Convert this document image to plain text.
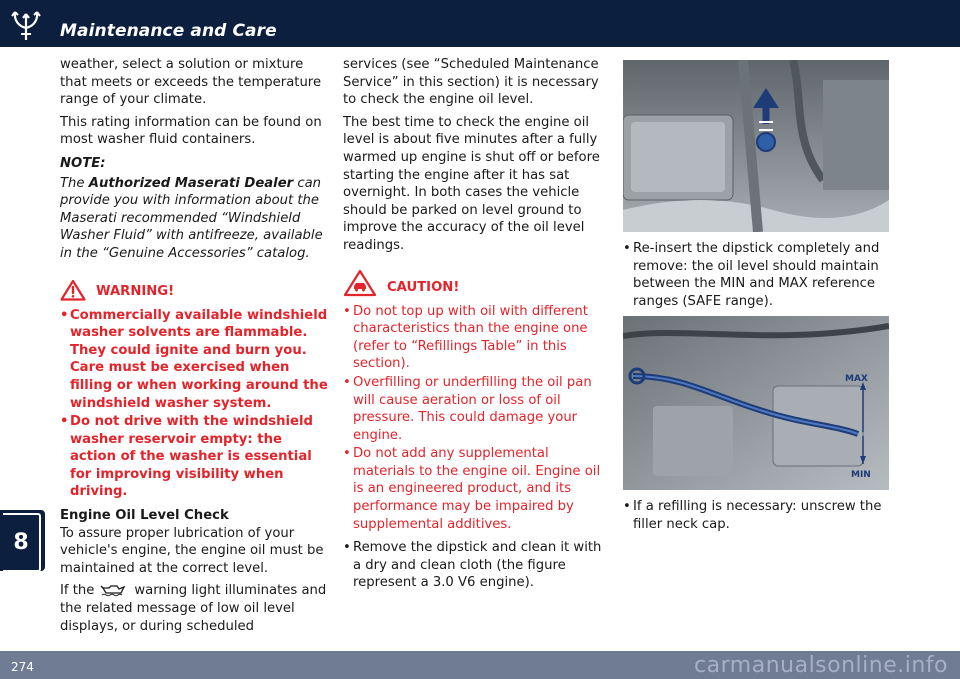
Maintenance and Care
8

weather, select a solution or mixture that meets or exceeds the temperature range of your climate.

This rating information can be found on most washer fluid containers.

NOTE:

The Authorized Maserati Dealer can provide you with information about the Maserati recommended “Windshield Washer Fluid” with antifreeze, available in the “Genuine Accessories” catalog.

WARNING!
• Commercially available windshield washer solvents are flammable. They could ignite and burn you. Care must be exercised when filling or when working around the windshield washer system.
• Do not drive with the windshield washer reservoir empty: the action of the washer is essential for improving visibility when driving.
Engine Oil Level Check

To assure proper lubrication of your vehicle's engine, the engine oil must be maintained at the correct level.

If the	warning light illuminates and the related message of low oil level displays, or during scheduled

services (see “Scheduled Maintenance Service” in this section) it is necessary to check the engine oil level.

The best time to check the engine oil level is about five minutes after a fully warmed up engine is shut off or before starting the engine after it has sat overnight. In both cases the vehicle should be parked on level ground to improve the accuracy of the oil level readings.

CAUTION!
• Do not top up with oil with different characteristics than the engine one (refer to “Refillings Table” in this section).
• Overfilling or underfilling the oil pan will cause aeration or loss of oil pressure. This could damage your engine.
• Do not add any supplemental materials to the engine oil. Engine oil is an engineered product, and its performance may be impaired by supplemental additives.
• Remove the dipstick and clean it with a dry and clean cloth (the figure represent a 3.0 V6 engine).
• Re-insert the dipstick completely and remove: the oil level should maintain between the MIN and MAX reference ranges (SAFE range).
MAX
MIN
• If a refilling is necessary: unscrew the filler neck cap.
274	carmanualsonline.info
